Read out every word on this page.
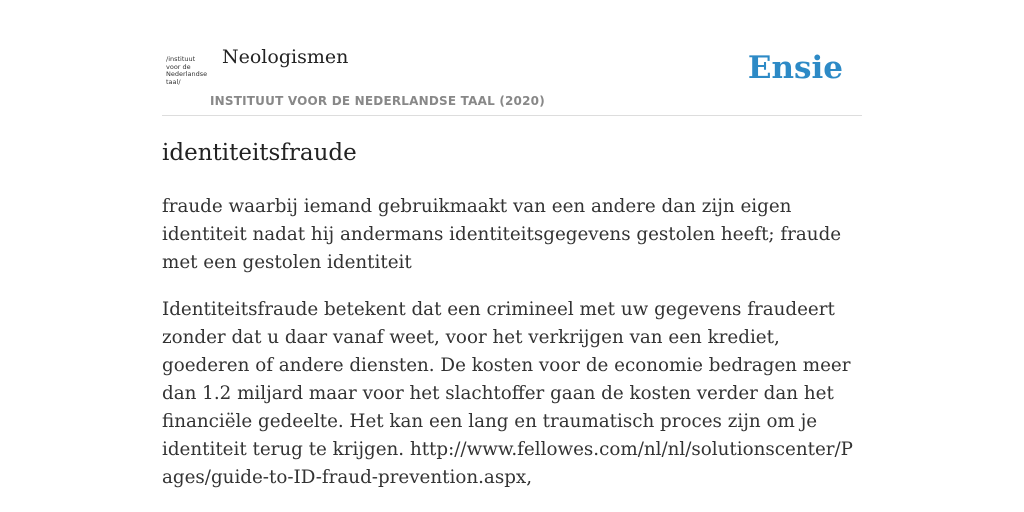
/instituut voor de Nederlandse taal/
Neologismen
INSTITUUT VOOR DE NEDERLANDSE TAAL (2020)
Ensie
identiteitsfraude
fraude waarbij iemand gebruikmaakt van een andere dan zijn eigen identiteit nadat hij andermans identiteitsgegevens gestolen heeft; fraude met een gestolen identiteit
Identiteitsfraude betekent dat een crimineel met uw gegevens fraudeert zonder dat u daar vanaf weet, voor het verkrijgen van een krediet, goederen of andere diensten. De kosten voor de economie bedragen meer dan 1.2 miljard maar voor het slachtoffer gaan de kosten verder dan het financiële gedeelte. Het kan een lang en traumatisch proces zijn om je identiteit terug te krijgen. http://www.fellowes.com/nl/nl/solutionscenter/Pages/guide-to-ID-fraud-prevention.aspx,
